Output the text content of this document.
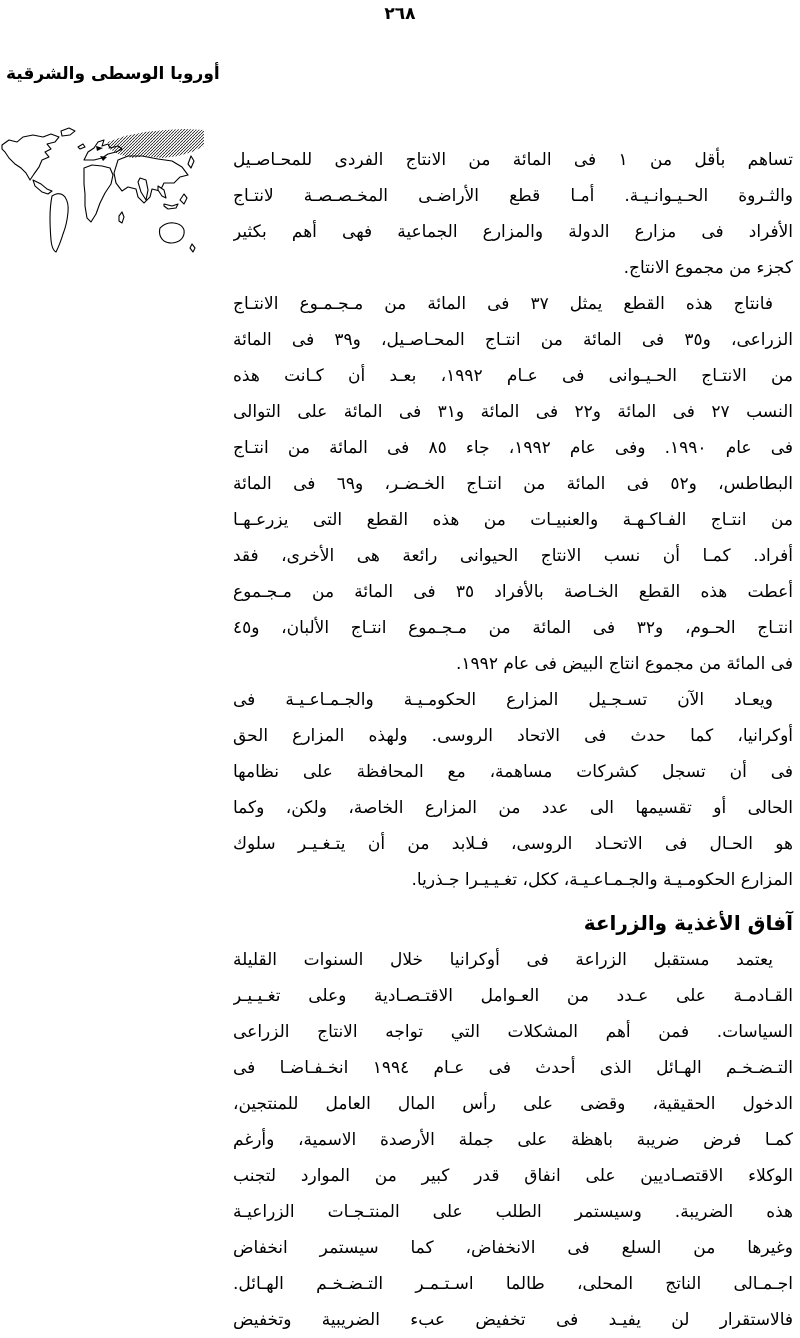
٢٦٨
أوروبا الوسطى والشرقية
تساهم بأقل من ١ فى المائة من الانتاج الفردى للمحـاصـيل
والثـروة الحـيـوانـيـة. أمـا قطع الأراضـى المخـصـصـة لانتـاج
الأفراد فى مزارع الدولة والمزارع الجماعية فهى أهم بكثير
كجزء من مجموع الانتاج.
فانتاج هذه القطع يمثل ٣٧ فى المائة من مـجـمـوع الانتـاج
الزراعى، و٣٥ فى المائة من انتـاج المحـاصـيل، و٣٩ فى المائة
من الانتـاج الحـيـوانى فى عـام ١٩٩٢، بعـد أن كـانت هذه
النسب ٢٧ فى المائة و٢٢ فى المائة و٣١ فى المائة على التوالى
فى عام ١٩٩٠. وفى عام ١٩٩٢، جاء ٨٥ فى المائة من انتـاج
البطاطس، و٥٢ فى المائة من انتـاج الخـضـر، و٦٩ فى المائة
من انتـاج الفـاكـهـة والعنبيـات من هذه القطع التى يزرعـهـا
أفراد. كمـا أن نسب الانتاج الحيوانى رائعة هى الأخرى، فقد
أعطت هذه القطع الخـاصة بالأفراد ٣٥ فى المائة من مـجـموع
انتـاج الحـوم، و٣٢ فى المائة من مـجـموع انتـاج الألبان، و٤٥
فى المائة من مجموع انتاج البيض فى عام ١٩٩٢.
ويعـاد الآن تسـجـيل المزارع الحكومـيـة والجـمـاعـيـة فى
أوكرانيا، كما حدث فى الاتحاد الروسى. ولهذه المزارع الحق
فى أن تسجل كشركات مساهمة، مع المحافظة على نظامها
الحالى أو تقسيمها الى عدد من المزارع الخاصة، ولكن، وكما
هو الحـال فى الاتحـاد الروسى، فـلابد من أن يتـغـيـر سلوك
المزارع الحكومـيـة والجـمـاعـيـة، ككل، تغـيـيـرا جـذريا.
آفاق الأغذية والزراعة
يعتمد مستقبل الزراعة فى أوكرانيا خلال السنوات القليلة
القـادمـة على عـدد من العـوامل الاقتـصـادية وعلى تغـيـيـر
السياسات. فمن أهم المشكلات التي تواجه الانتاج الزراعى
التـضـخـم الهـائل الذى أحدث فى عـام ١٩٩٤ انخـفـاضـا فى
الدخول الحقيقية، وقضى على رأس المال العامل للمنتجين،
كمـا فرض ضريبة باهظة على جملة الأرصدة الاسمية، وأرغم
الوكلاء الاقتصـاديين على انفاق قدر كبير من الموارد لتجنب
هذه الضريبة. وسيستمر الطلب على المنتـجـات الزراعيـة
وغيرها من السلع فى الانخفاض، كما سيستمر انخفاض
اجـمـالى الناتج المحلى، طالما اسـتـمـر التـضـخـم الهـائل.
فالاستقرار لن يفيـد فى تخفيض عبء الضريبية وتخفيض
